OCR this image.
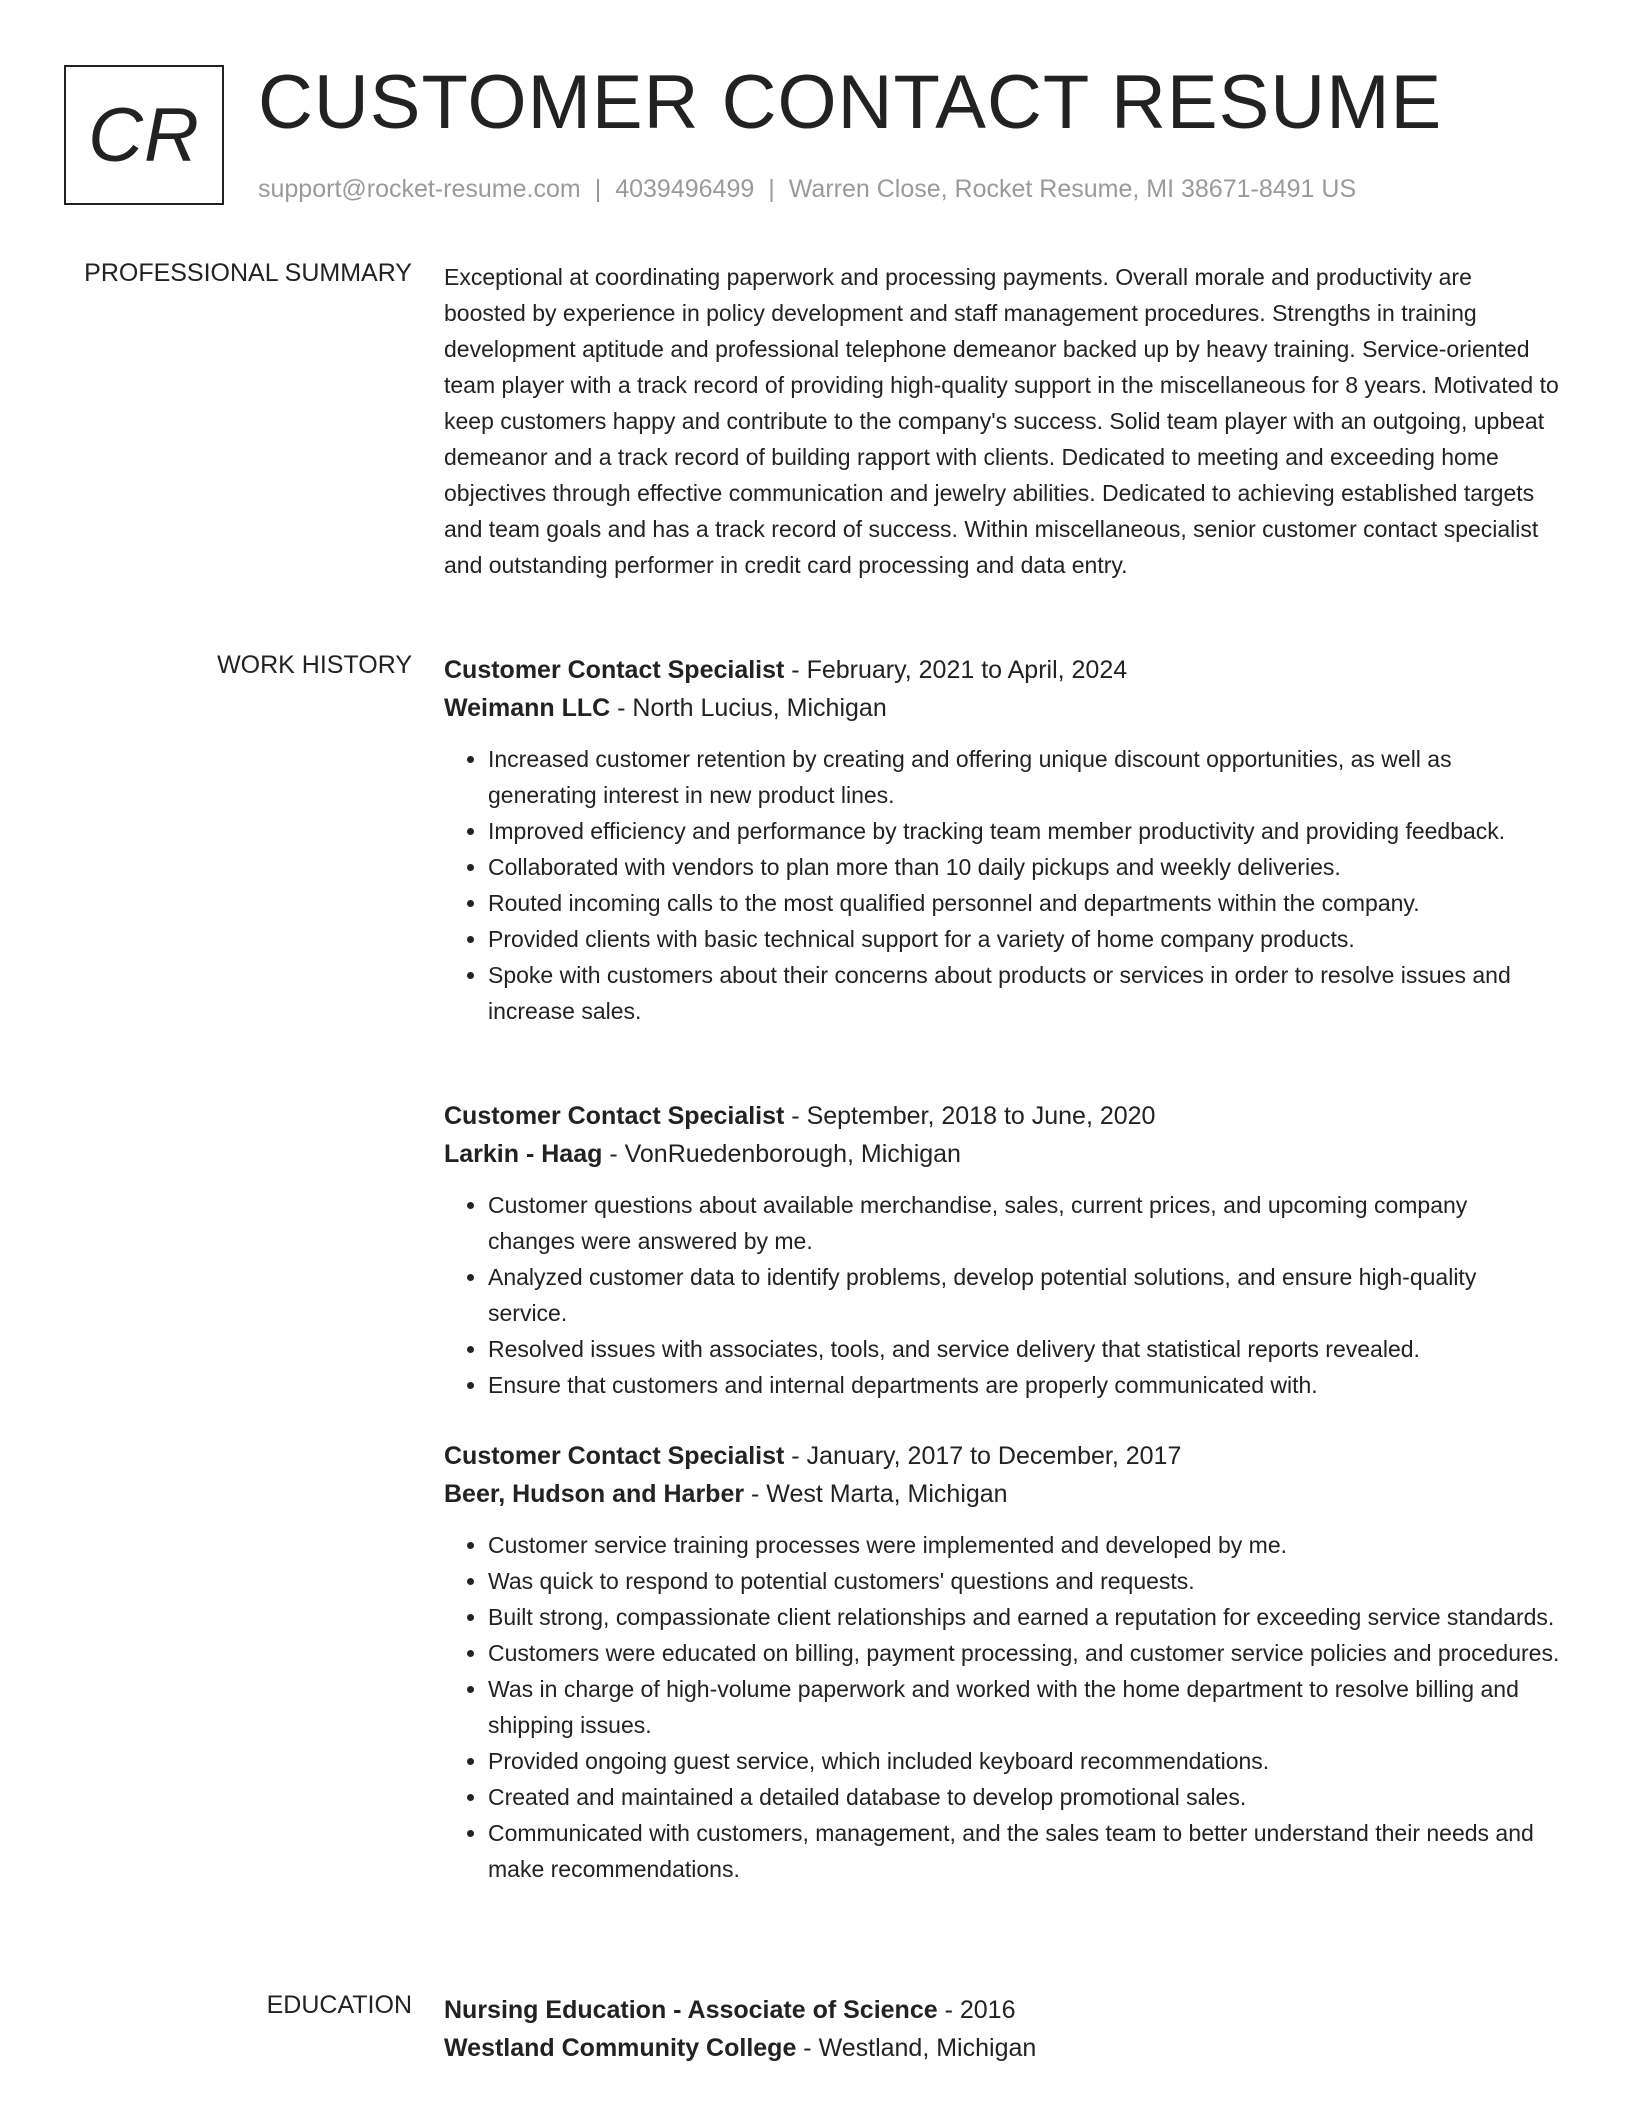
CR CUSTOMER CONTACT RESUME
support@rocket-resume.com | 4039496499 | Warren Close, Rocket Resume, MI 38671-8491 US
PROFESSIONAL SUMMARY Exceptional at coordinating paperwork and processing payments. Overall morale and productivity are boosted by experience in policy development and staff management procedures. Strengths in training development aptitude and professional telephone demeanor backed up by heavy training. Service-oriented team player with a track record of providing high-quality support in the miscellaneous for 8 years. Motivated to keep customers happy and contribute to the company's success. Solid team player with an outgoing, upbeat demeanor and a track record of building rapport with clients. Dedicated to meeting and exceeding home objectives through effective communication and jewelry abilities. Dedicated to achieving established targets and team goals and has a track record of success. Within miscellaneous, senior customer contact specialist and outstanding performer in credit card processing and data entry.

WORK HISTORY Customer Contact Specialist - February, 2021 to April, 2024
Weimann LLC - North Lucius, Michigan
• Increased customer retention by creating and offering unique discount opportunities, as well as generating interest in new product lines.
• Improved efficiency and performance by tracking team member productivity and providing feedback.
• Collaborated with vendors to plan more than 10 daily pickups and weekly deliveries.
• Routed incoming calls to the most qualified personnel and departments within the company.
• Provided clients with basic technical support for a variety of home company products.
• Spoke with customers about their concerns about products or services in order to resolve issues and increase sales.
Customer Contact Specialist - September, 2018 to June, 2020
Larkin - Haag - VonRuedenborough, Michigan
• Customer questions about available merchandise, sales, current prices, and upcoming company changes were answered by me.
• Analyzed customer data to identify problems, develop potential solutions, and ensure high-quality service.
• Resolved issues with associates, tools, and service delivery that statistical reports revealed.
• Ensure that customers and internal departments are properly communicated with.
Customer Contact Specialist - January, 2017 to December, 2017
Beer, Hudson and Harber - West Marta, Michigan
• Customer service training processes were implemented and developed by me.
• Was quick to respond to potential customers' questions and requests.
• Built strong, compassionate client relationships and earned a reputation for exceeding service standards.
• Customers were educated on billing, payment processing, and customer service policies and procedures.
• Was in charge of high-volume paperwork and worked with the home department to resolve billing and shipping issues.
• Provided ongoing guest service, which included keyboard recommendations.
• Created and maintained a detailed database to develop promotional sales.
• Communicated with customers, management, and the sales team to better understand their needs and make recommendations.
EDUCATION Nursing Education - Associate of Science - 2016
Westland Community College - Westland, Michigan
